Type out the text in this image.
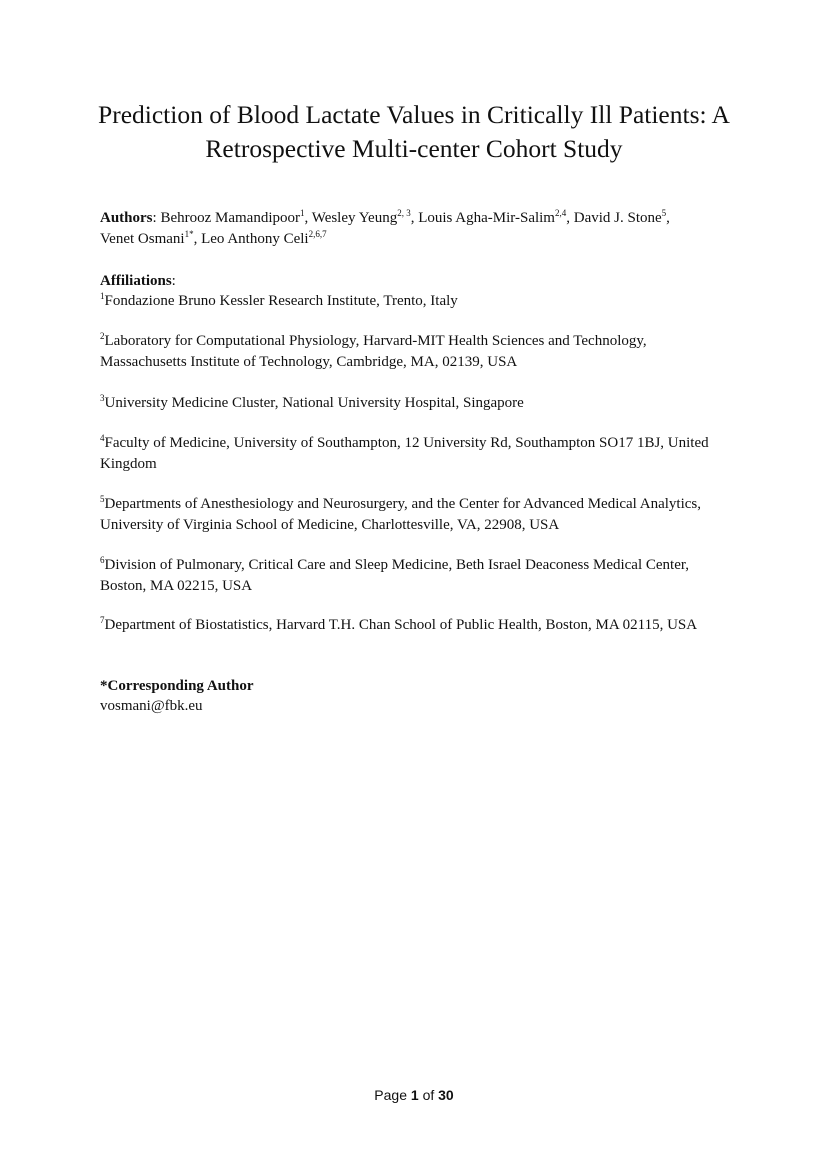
Prediction of Blood Lactate Values in Critically Ill Patients: A
Retrospective Multi-center Cohort Study
Authors: Behrooz Mamandipoor$^1$, Wesley Yeung$^{2, 3}$, Louis Agha-Mir-Salim$^{2,4}$, David J. Stone$^5$,
Venet Osmani$^{1*}$, Leo Anthony Celi$^{2,6,7}$
Affiliations:
$^1$Fondazione Bruno Kessler Research Institute, Trento, Italy
$^2$Laboratory for Computational Physiology, Harvard-MIT Health Sciences and Technology,
Massachusetts Institute of Technology, Cambridge, MA, 02139, USA
$^3$University Medicine Cluster, National University Hospital, Singapore
$^4$Faculty of Medicine, University of Southampton, 12 University Rd, Southampton SO17 1BJ, United
Kingdom
$^5$Departments of Anesthesiology and Neurosurgery, and the Center for Advanced Medical Analytics,
University of Virginia School of Medicine, Charlottesville, VA, 22908, USA
$^6$Division of Pulmonary, Critical Care and Sleep Medicine, Beth Israel Deaconess Medical Center,
Boston, MA 02215, USA
$^7$Department of Biostatistics, Harvard T.H. Chan School of Public Health, Boston, MA 02115, USA
*Corresponding Author
vosmani@fbk.eu
Page 1 of 30
